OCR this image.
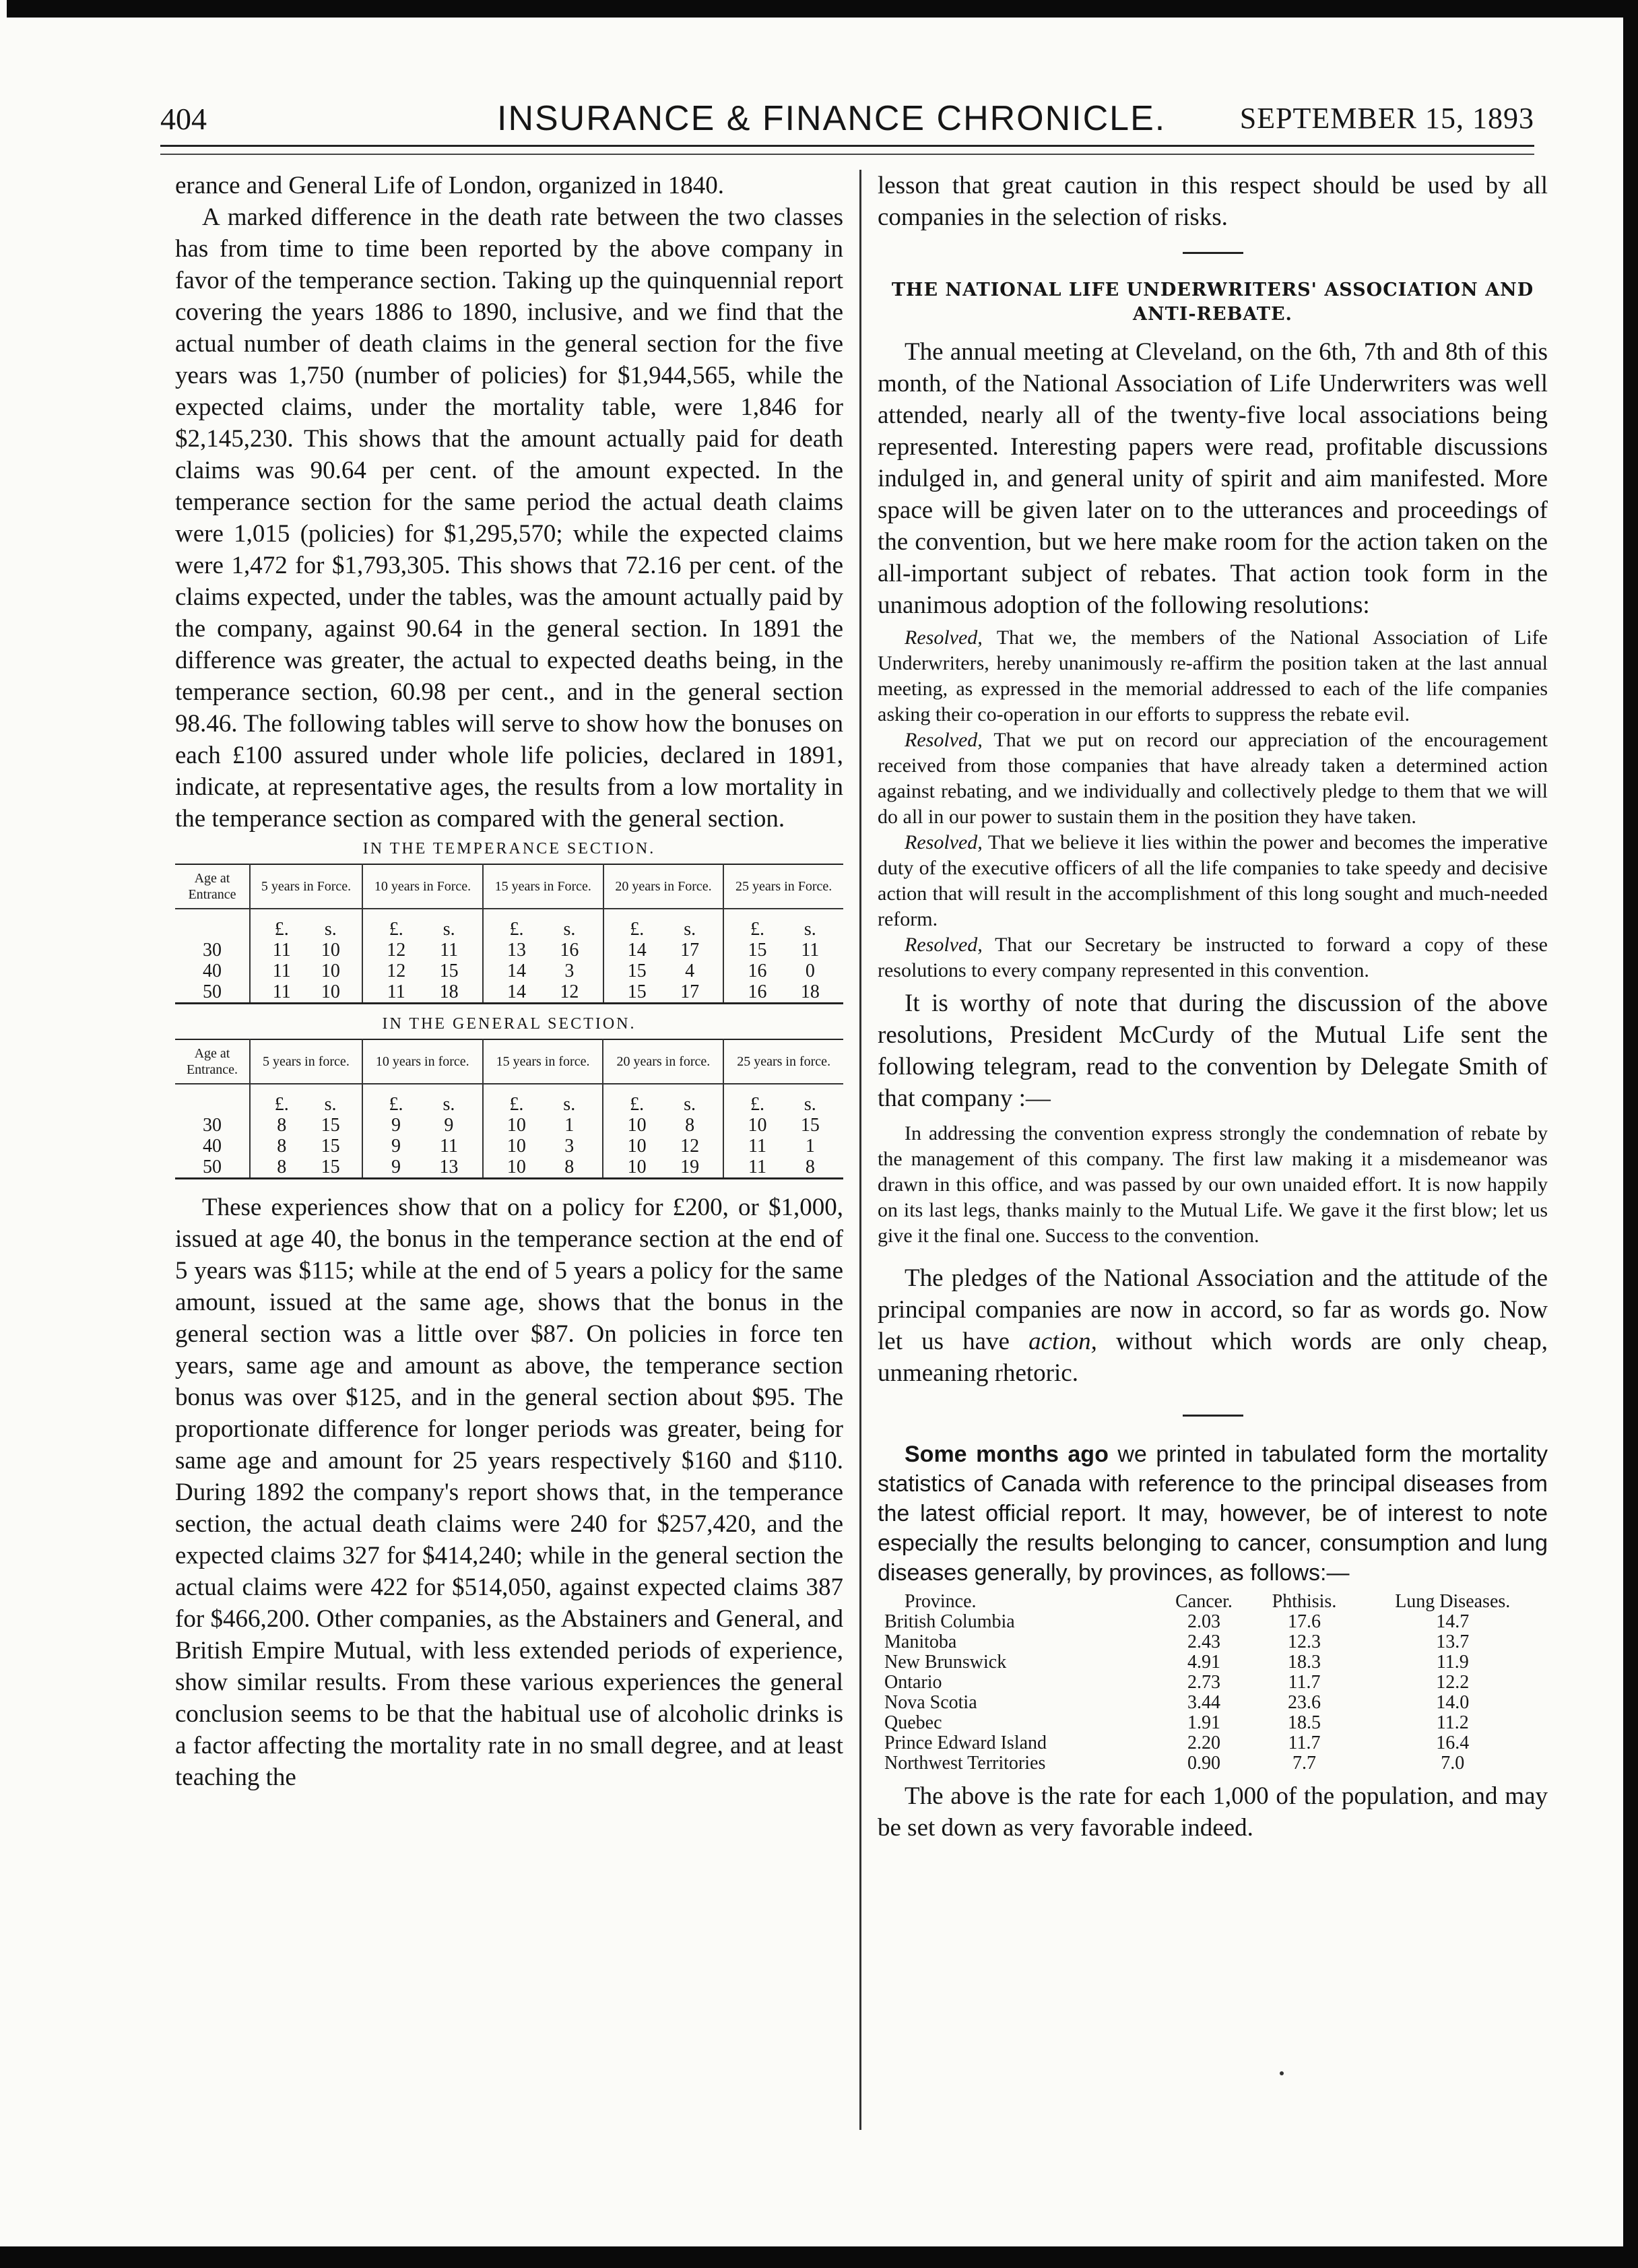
404	INSURANCE & FINANCE CHRONICLE.	SEPTEMBER 15, 1893

erance and General Life of London, organized in 1840.

A marked difference in the death rate between the two classes has from time to time been reported by the above company in favor of the temperance section. Taking up the quinquennial report covering the years 1886 to 1890, inclusive, and we find that the actual number of death claims in the general section for the five years was 1,750 (number of policies) for $1,944,565, while the expected claims, under the mortality table, were 1,846 for $2,145,230. This shows that the amount actually paid for death claims was 90.64 per cent. of the amount expected. In the temperance section for the same period the actual death claims were 1,015 (policies) for $1,295,570; while the expected claims were 1,472 for $1,793,305. This shows that 72.16 per cent. of the claims expected, under the tables, was the amount actually paid by the company, against 90.64 in the general section. In 1891 the difference was greater, the actual to expected deaths being, in the temperance section, 60.98 per cent., and in the general section 98.46. The following tables will serve to show how the bonuses on each £100 assured under whole life policies, declared in 1891, indicate, at representative ages, the results from a low mortality in the temperance section as compared with the general section.

IN THE TEMPERANCE SECTION.
Age at Entrance	5 years in Force.	10 years in Force.	15 years in Force.	20 years in Force.	25 years in Force.
	£. s.	£. s.	£. s.	£. s.	£. s.
30	11 10	12 11	13 16	14 17	15 11
40	11 10	12 15	14 3	15 4	16 0
50	11 10	11 18	14 12	15 17	16 18
IN THE GENERAL SECTION.
Age at Entrance.	5 years in force.	10 years in force.	15 years in force.	20 years in force.	25 years in force.
	£. s.	£. s.	£. s.	£. s.	£. s.
30	8 15	9 9	10 1	10 8	10 15
40	8 15	9 11	10 3	10 12	11 1
50	8 15	9 13	10 8	10 19	11 8

These experiences show that on a policy for £200, or $1,000, issued at age 40, the bonus in the temperance section at the end of 5 years was $115; while at the end of 5 years a policy for the same amount, issued at the same age, shows that the bonus in the general section was a little over $87. On policies in force ten years, same age and amount as above, the temperance section bonus was over $125, and in the general section about $95. The proportionate difference for longer periods was greater, being for same age and amount for 25 years respectively $160 and $110. During 1892 the company's report shows that, in the temperance section, the actual death claims were 240 for $257,420, and the expected claims 327 for $414,240; while in the general section the actual claims were 422 for $514,050, against expected claims 387 for $466,200. Other companies, as the Abstainers and General, and British Empire Mutual, with less extended periods of experience, show similar results. From these various experiences the general conclusion seems to be that the habitual use of alcoholic drinks is a factor affecting the mortality rate in no small degree, and at least teaching the

lesson that great caution in this respect should be used by all companies in the selection of risks.

THE NATIONAL LIFE UNDERWRITERS' ASSOCIATION AND ANTI-REBATE.

The annual meeting at Cleveland, on the 6th, 7th and 8th of this month, of the National Association of Life Underwriters was well attended, nearly all of the twenty-five local associations being represented. Interesting papers were read, profitable discussions indulged in, and general unity of spirit and aim manifested. More space will be given later on to the utterances and proceedings of the convention, but we here make room for the action taken on the all-important subject of rebates. That action took form in the unanimous adoption of the following resolutions:

Resolved, That we, the members of the National Association of Life Underwriters, hereby unanimously re-affirm the position taken at the last annual meeting, as expressed in the memorial addressed to each of the life companies asking their co-operation in our efforts to suppress the rebate evil.

Resolved, That we put on record our appreciation of the encouragement received from those companies that have already taken a determined action against rebating, and we individually and collectively pledge to them that we will do all in our power to sustain them in the position they have taken.

Resolved, That we believe it lies within the power and becomes the imperative duty of the executive officers of all the life companies to take speedy and decisive action that will result in the accomplishment of this long sought and much-needed reform.

Resolved, That our Secretary be instructed to forward a copy of these resolutions to every company represented in this convention.

It is worthy of note that during the discussion of the above resolutions, President McCurdy of the Mutual Life sent the following telegram, read to the convention by Delegate Smith of that company :—

In addressing the convention express strongly the condemnation of rebate by the management of this company. The first law making it a misdemeanor was drawn in this office, and was passed by our own unaided effort. It is now happily on its last legs, thanks mainly to the Mutual Life. We gave it the first blow; let us give it the final one. Success to the convention.

The pledges of the National Association and the attitude of the principal companies are now in accord, so far as words go. Now let us have action, without which words are only cheap, unmeaning rhetoric.

Some months ago we printed in tabulated form the mortality statistics of Canada with reference to the principal diseases from the latest official report. It may, however, be of interest to note especially the results belonging to cancer, consumption and lung diseases generally, by provinces, as follows:—

Province.	Cancer.	Phthisis.	Lung Diseases.
British Columbia	2.03	17.6	14.7
Manitoba	2.43	12.3	13.7
New Brunswick	4.91	18.3	11.9
Ontario	2.73	11.7	12.2
Nova Scotia	3.44	23.6	14.0
Quebec	1.91	18.5	11.2
Prince Edward Island	2.20	11.7	16.4
Northwest Territories	0.90	7.7	7.0

The above is the rate for each 1,000 of the population, and may be set down as very favorable indeed.
